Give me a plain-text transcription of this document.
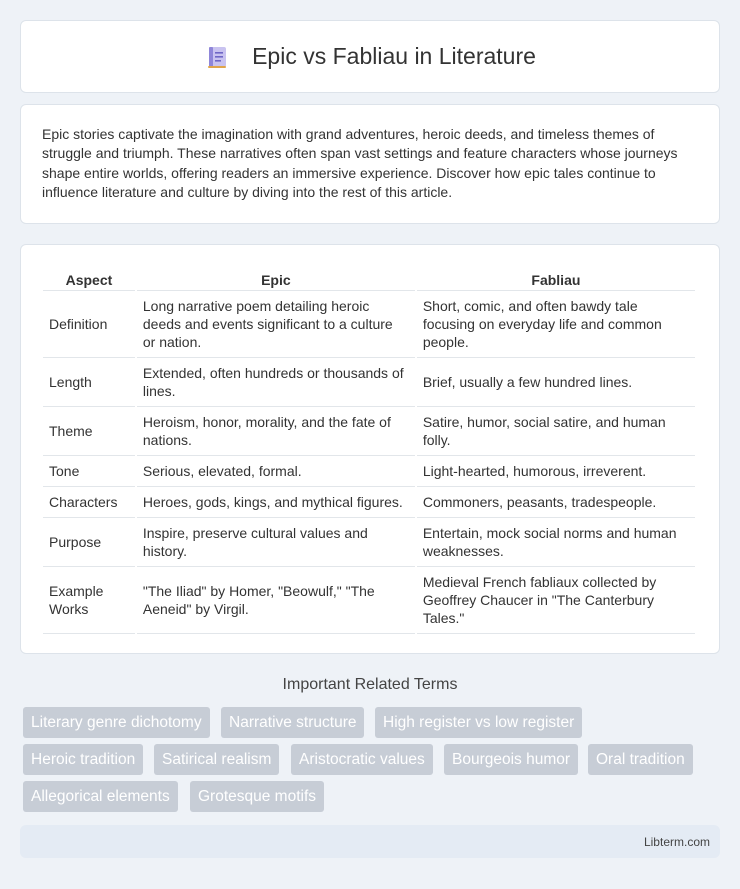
Epic vs Fabliau in Literature

Epic stories captivate the imagination with grand adventures, heroic deeds, and timeless themes of struggle and triumph. These narratives often span vast settings and feature characters whose journeys shape entire worlds, offering readers an immersive experience. Discover how epic tales continue to influence literature and culture by diving into the rest of this article.

Aspect	Epic	Fabliau
Definition	Long narrative poem detailing heroic deeds and events significant to a culture or nation.	Short, comic, and often bawdy tale focusing on everyday life and common people.
Length	Extended, often hundreds or thousands of lines.	Brief, usually a few hundred lines.
Theme	Heroism, honor, morality, and the fate of nations.	Satire, humor, social satire, and human folly.
Tone	Serious, elevated, formal.	Light-hearted, humorous, irreverent.
Characters	Heroes, gods, kings, and mythical figures.	Commoners, peasants, tradespeople.
Purpose	Inspire, preserve cultural values and history.	Entertain, mock social norms and human weaknesses.
Example Works	"The Iliad" by Homer, "Beowulf," "The Aeneid" by Virgil.	Medieval French fabliaux collected by Geoffrey Chaucer in "The Canterbury Tales."
Important Related Terms
Literary genre dichotomy	Narrative structure	High register vs low register
Heroic tradition	Satirical realism	Aristocratic values	Bourgeois humor	Oral tradition
Allegorical elements	Grotesque motifs
Libterm.com
